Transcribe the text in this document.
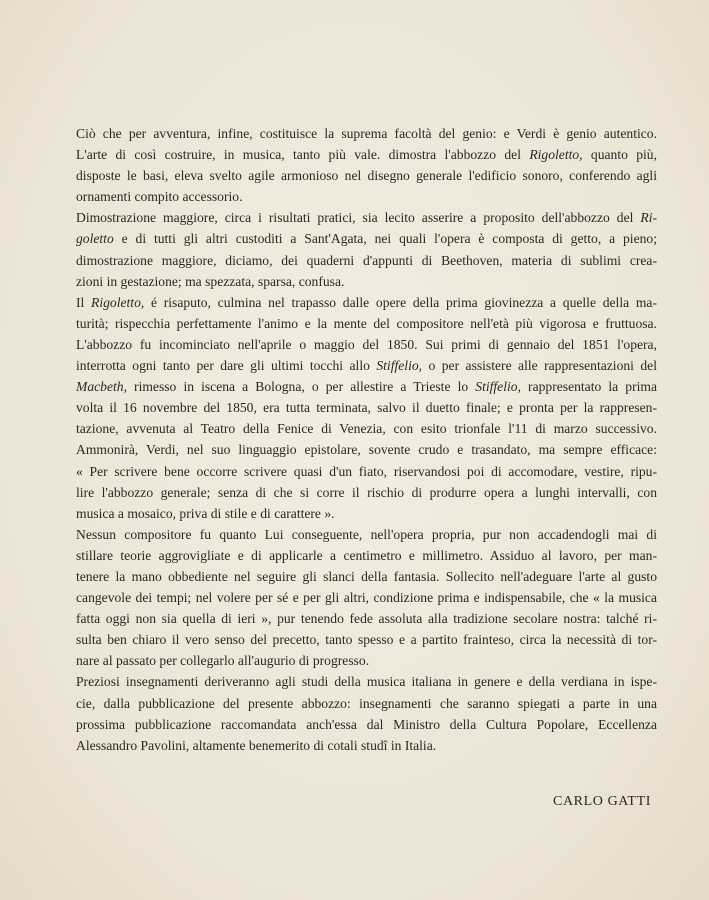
Ciò che per avventura, infine, costituisce la suprema facoltà del genio: e Verdi è genio autentico.
L'arte di così costruire, in musica, tanto più vale. dimostra l'abbozzo del Rigoletto, quanto più,
disposte le basi, eleva svelto agile armonioso nel disegno generale l'edificio sonoro, conferendo agli
ornamenti compito accessorio.
Dimostrazione maggiore, circa i risultati pratici, sia lecito asserire a proposito dell'abbozzo del Ri-
goletto e di tutti gli altri custoditi a Sant'Agata, nei quali l'opera è composta di getto, a pieno;
dimostrazione maggiore, diciamo, dei quaderni d'appunti di Beethoven, materia di sublimi crea-
zioni in gestazione; ma spezzata, sparsa, confusa.
Il Rigoletto, é risaputo, culmina nel trapasso dalle opere della prima giovinezza a quelle della ma-
turità; rispecchia perfettamente l'animo e la mente del compositore nell'età più vigorosa e fruttuosa.
L'abbozzo fu incominciato nell'aprile o maggio del 1850. Sui primi di gennaio del 1851 l'opera,
interrotta ogni tanto per dare gli ultimi tocchi allo Stiffelio, o per assistere alle rappresentazioni del
Macbeth, rimesso in iscena a Bologna, o per allestire a Trieste lo Stiffelio, rappresentato la prima
volta il 16 novembre del 1850, era tutta terminata, salvo il duetto finale; e pronta per la rappresen-
tazione, avvenuta al Teatro della Fenice di Venezia, con esito trionfale l'11 di marzo successivo.
Ammonirà, Verdi, nel suo linguaggio epistolare, sovente crudo e trasandato, ma sempre efficace:
« Per scrivere bene occorre scrivere quasi d'un fiato, riservandosi poi di accomodare, vestire, ripu-
lire l'abbozzo generale; senza di che si corre il rischio di produrre opera a lunghi intervalli, con
musica a mosaico, priva di stile e di carattere ».
Nessun compositore fu quanto Lui conseguente, nell'opera propria, pur non accadendogli mai di
stillare teorie aggrovigliate e di applicarle a centimetro e millimetro. Assiduo al lavoro, per man-
tenere la mano obbediente nel seguire gli slanci della fantasia. Sollecito nell'adeguare l'arte al gusto
cangevole dei tempi; nel volere per sé e per gli altri, condizione prima e indispensabile, che « la musica
fatta oggi non sia quella di ieri », pur tenendo fede assoluta alla tradizione secolare nostra: talché ri-
sulta ben chiaro il vero senso del precetto, tanto spesso e a partito frainteso, circa la necessità di tor-
nare al passato per collegarlo all'augurio di progresso.
Preziosi insegnamenti deriveranno agli studi della musica italiana in genere e della verdiana in ispe-
cie, dalla pubblicazione del presente abbozzo: insegnamenti che saranno spiegati a parte in una
prossima pubblicazione raccomandata anch'essa dal Ministro della Cultura Popolare, Eccellenza
Alessandro Pavolini, altamente benemerito di cotali studî in Italia.
CARLO GATTI
